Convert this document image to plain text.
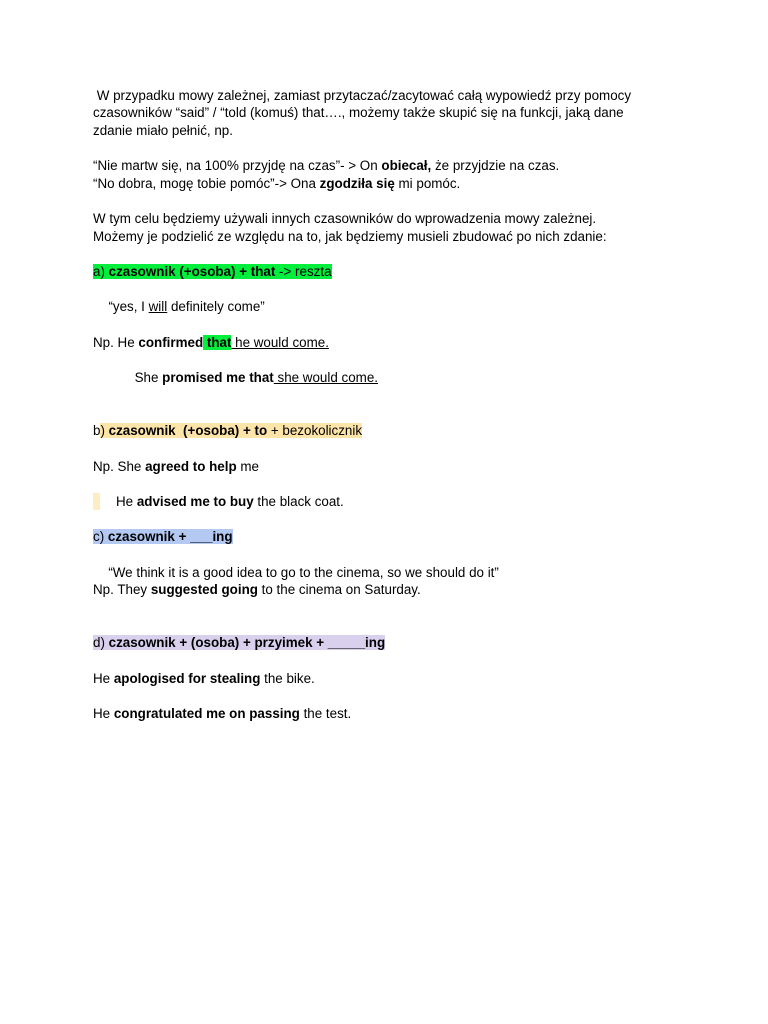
W przypadku mowy zależnej, zamiast przytaczać/zacytować całą wypowiedź przy pomocy
czasowników “said” / “told (komuś) that…., możemy także skupić się na funkcji, jaką dane
zdanie miało pełnić, np.
“Nie martw się, na 100% przyjdę na czas”- > On obiecał, że przyjdzie na czas.
“No dobra, mogę tobie pomóc”-> Ona zgodziła się mi pomóc.
W tym celu będziemy używali innych czasowników do wprowadzenia mowy zależnej.
Możemy je podzielić ze względu na to, jak będziemy musieli zbudować po nich zdanie:
a) czasownik (+osoba) + that -> reszta
“yes, I will definitely come”
Np. He confirmed that he would come.
She promised me that she would come.
b) czasownik  (+osoba) + to + bezokolicznik
Np. She agreed to help me
He advised me to buy the black coat.
c) czasownik + ___ing
“We think it is a good idea to go to the cinema, so we should do it”
Np. They suggested going to the cinema on Saturday.
d) czasownik + (osoba) + przyimek + _____ing
He apologised for stealing the bike.
He congratulated me on passing the test.
